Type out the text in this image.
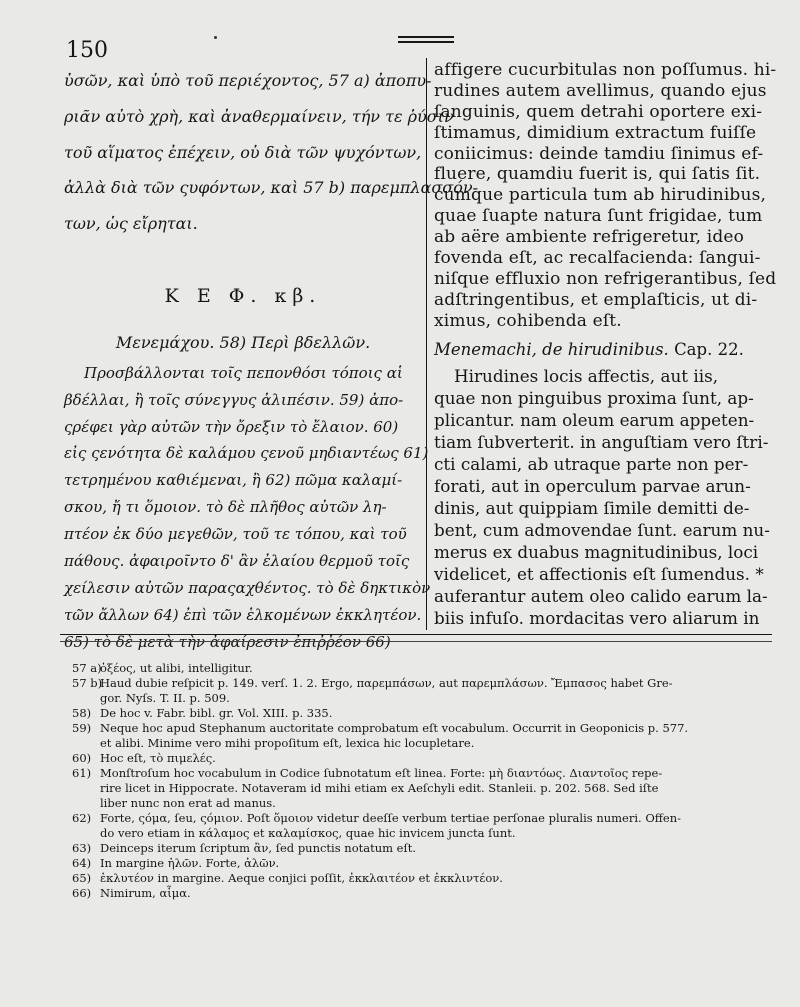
150
ὐσῶν, καὶ ὑπὸ τοῦ περιέχοντος, 57 a) ἀποπυ-
ριᾶν αὐτὸ χρὴ, καὶ ἀναθερμαίνειν, τήν τε ῥύσιν
τοῦ αἵματος ἐπέχειν, οὐ διὰ τῶν ψυχόντων,
ἀλλὰ διὰ τῶν ςυφόντων, καὶ 57 b) παρεμπλασσόν-
των, ὡς εἴρηται.
Κ Ε Φ. κβ.
Μενεμάχου. 58) Περὶ βδελλῶν.
Προσβάλλονται τοῖς πεπονθόσι τόποις αἱ
βδέλλαι, ἢ τοῖς σύνεγγυς ἀλιπέσιν. 59) ἀπο-
ςρέφει γὰρ αὐτῶν τὴν ὄρεξιν τὸ ἔλαιον. 60)
εἰς ςενότητα δὲ καλάμου ςενοῦ μηδιαντέως 61)
τετρημένου καθιέμεναι, ἢ 62) πῶμα καλαμί-
σκου, ἤ τι ὅμοιον. τὸ δὲ πλῆθος αὐτῶν λη-
πτέον ἐκ δύο μεγεθῶν, τοῦ τε τόπου, καὶ τοῦ
πάθους. ἀφαιροῖντο δ' ἂν ἐλαίου θερμοῦ τοῖς
χείλεσιν αὐτῶν παραςαχθέντος. τὸ δὲ δηκτικὸν
τῶν ἄλλων 64) ἐπὶ τῶν ἑλκομένων ἐκκλητέον.
65) τὸ δὲ μετὰ τὴν ἀφαίρεσιν ἐπιῤῥέον 66)
affigere cucurbitulas non poſſumus. hi-
rudines autem avellimus, quando ejus
ſanguinis, quem detrahi oportere exi-
ſtimamus, dimidium extractum fuiſſe
coniicimus: deinde tamdiu ſinimus ef-
fluere, quamdiu fuerit is, qui ſatis ſit.
cumque particula tum ab hirudinibus,
quae ſuapte natura ſunt frigidae, tum
ab aëre ambiente refrigeretur, ideo
fovenda eſt, ac recalfacienda: ſangui-
niſque effluxio non refrigerantibus, ſed
adſtringentibus, et emplaſticis, ut di-
ximus, cohibenda eſt.
Menemachi, de hirudinibus. Cap. 22.
Hirudines locis affectis, aut iis,
quae non pinguibus proxima ſunt, ap-
plicantur. nam oleum earum appeten-
tiam ſubverterit. in anguſtiam vero ſtri-
cti calami, ab utraque parte non per-
forati, aut in operculum parvae arun-
dinis, aut quippiam ſimile demitti de-
bent, cum admovendae ſunt. earum nu-
merus ex duabus magnitudinibus, loci
videlicet, et affectionis eſt ſumendus. *
auferantur autem oleo calido earum la-
biis infuſo. mordacitas vero aliarum in
57 a)
ὀξέος, ut alibi, intelligitur.
57 b)
Haud dubie reſpicit p. 149. verſ. 1. 2. Ergo, παρεμπάσων, aut παρεμπλάσων. Ἔμπασος habet Gre-
gor. Nyſs. T. II. p. 509.
58) De hoc v. Fabr. bibl. gr. Vol. XIII. p. 335.
59) Neque hoc apud Stephanum auctoritate comprobatum eſt vocabulum. Occurrit in Geoponicis p. 577.
et alibi. Minime vero mihi propoſitum eſt, lexica hic locupletare.
60) Hoc eſt, τὸ πιμελές.
61) Monſtroſum hoc vocabulum in Codice ſubnotatum eſt linea. Forte: μὴ διαντόως. Διαντοῖος repe-
rire licet in Hippocrate. Notaveram id mihi etiam ex Aeſchyli edit. Stanleii. p. 202. 568. Sed iſte
liber nunc non erat ad manus.
62) Forte, ςόμα, ſeu, ςόμιον. Poſt ὅμοιον videtur deeſſe verbum tertiae perſonae pluralis numeri. Offen-
do vero etiam in κάλαμος et καλαμίσκος, quae hic invicem juncta ſunt.
63) Deinceps iterum ſcriptum ἂν, ſed punctis notatum eſt.
64) In margine ἡλῶν. Forte, ἀλῶν.
65) ἐκλυτέον in margine. Aeque conjici poſſit, ἐκκλαιτέον et ἐκκλιντέον.
66) Nimirum, αἷμα.
